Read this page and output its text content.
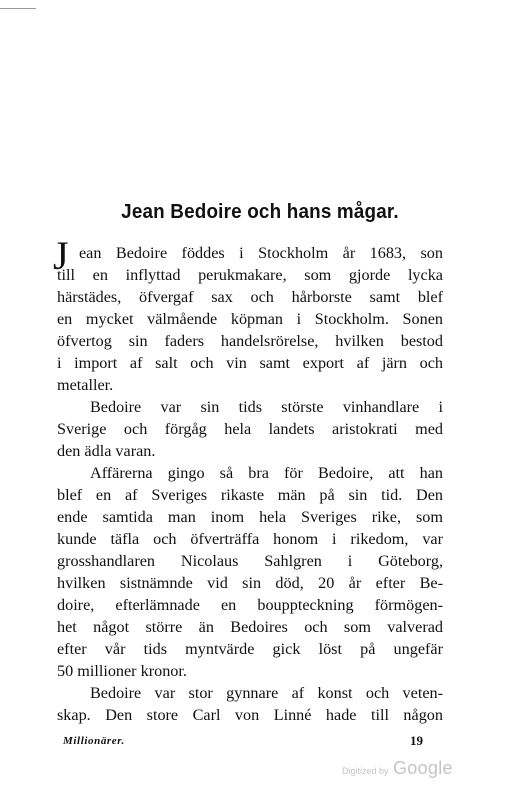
Jean Bedoire och hans mågar.
J ean Bedoire föddes i Stockholm år 1683, son
till en inflyttad perukmakare, som gjorde lycka
härstädes, öfvergaf sax och hårborste samt blef
en mycket välmående köpman i Stockholm. Sonen
öfvertog sin faders handelsrörelse, hvilken bestod
i import af salt och vin samt export af järn och
metaller.
Bedoire var sin tids störste vinhandlare i
Sverige och förgåg hela landets aristokrati med
den ädla varan.
Affärerna gingo så bra för Bedoire, att han
blef en af Sveriges rikaste män på sin tid. Den
ende samtida man inom hela Sveriges rike, som
kunde täfla och öfverträffa honom i rikedom, var
grosshandlaren Nicolaus Sahlgren i Göteborg,
hvilken sistnämnde vid sin död, 20 år efter Be-
doire, efterlämnade en bouppteckning förmögen-
het något större än Bedoires och som valverad
efter vår tids myntvärde gick löst på ungefär
50 millioner kronor.
Bedoire var stor gynnare af konst och veten-
skap. Den store Carl von Linné hade till någon
Millionärer.	19
Digitized by Google
